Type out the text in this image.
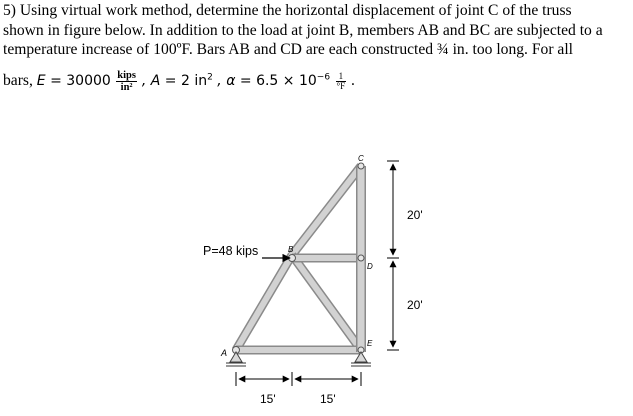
5) Using virtual work method, determine the horizontal displacement of joint C of the truss
shown in figure below. In addition to the load at joint B, members AB and BC are subjected to a
temperature increase of 100ºF. Bars AB and CD are each constructed ¾ in. too long. For all
bars, $E = 30000 \frac{\text{kips}}{\text{in²}}$ , A = 2 $in^2$ , $\alpha = 6.5 \times 10^{-6} \frac{1}{^\circ F}$ .
A
B
C
D
E
P=48 kips
20'
20'
15'	15'
